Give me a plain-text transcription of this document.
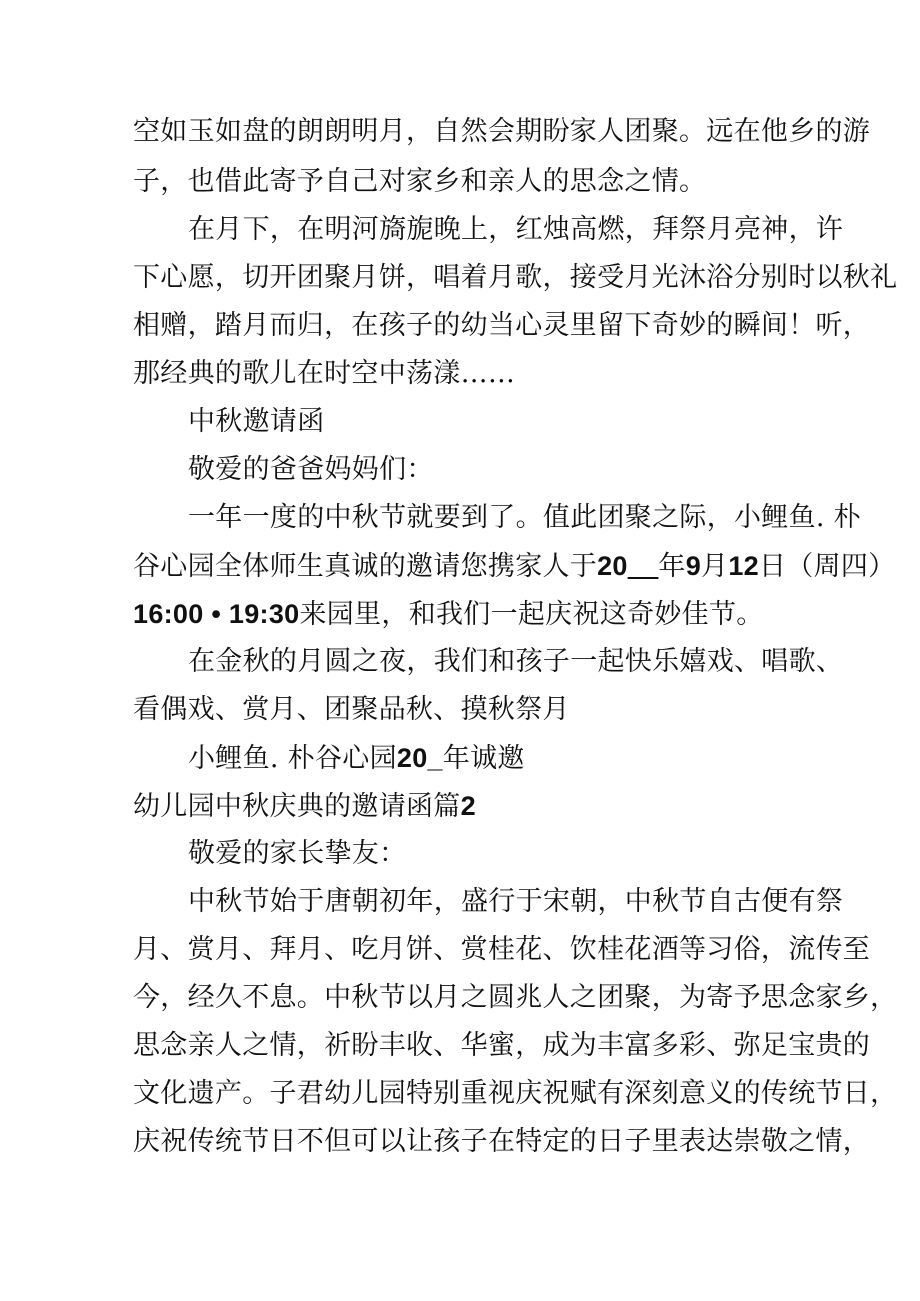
空如玉如盘的朗朗明月，自然会期盼家人团聚。远在他乡的游
子，也借此寄予自己对家乡和亲人的思念之情。
在月下，在明河旖旎晚上，红烛高燃，拜祭月亮神，许
下心愿，切开团聚月饼，唱着月歌，接受月光沐浴分别时以秋礼
相赠，踏月而归，在孩子的幼当心灵里留下奇妙的瞬间！听，
那经典的歌儿在时空中荡漾……
中秋邀请函
敬爱的爸爸妈妈们：
一年一度的中秋节就要到了。值此团聚之际，小鲤鱼. 朴
谷心园全体师生真诚的邀请您携家人于20__年9月12日（周四）
16:00 • 19:30来园里，和我们一起庆祝这奇妙佳节。
在金秋的月圆之夜，我们和孩子一起快乐嬉戏、唱歌、
看偶戏、赏月、团聚品秋、摸秋祭月
小鲤鱼. 朴谷心园20_年诚邀
幼儿园中秋庆典的邀请函篇2
敬爱的家长挚友：
中秋节始于唐朝初年，盛行于宋朝，中秋节自古便有祭
月、赏月、拜月、吃月饼、赏桂花、饮桂花酒等习俗，流传至
今，经久不息。中秋节以月之圆兆人之团聚，为寄予思念家乡，
思念亲人之情，祈盼丰收、华蜜，成为丰富多彩、弥足宝贵的
文化遗产。子君幼儿园特别重视庆祝赋有深刻意义的传统节日，
庆祝传统节日不但可以让孩子在特定的日子里表达崇敬之情，
